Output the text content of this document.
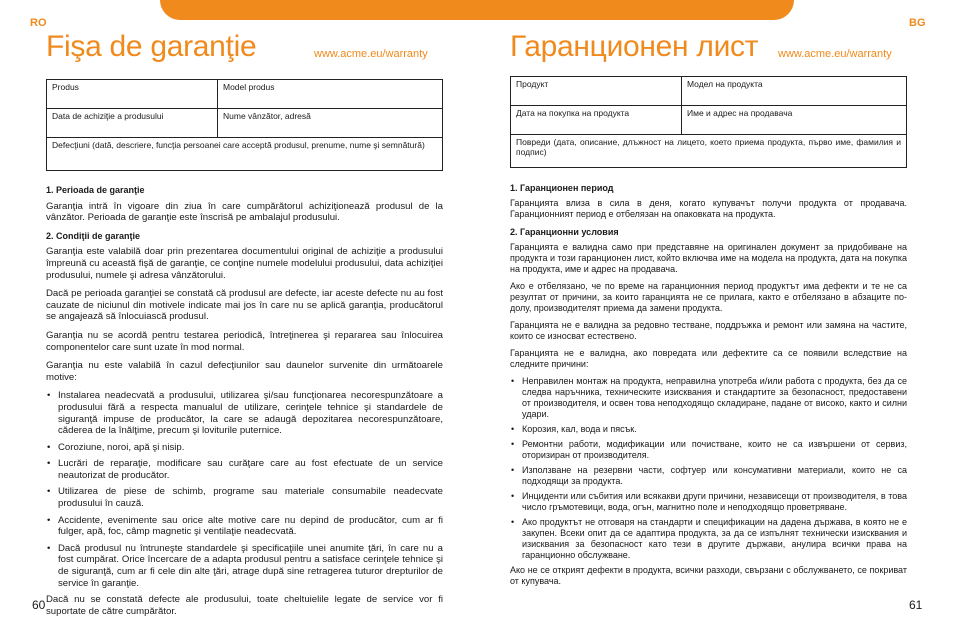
RO
Fişa de garanţie	www.acme.eu/warranty
Produs	Model produs
Data de achiziţie a produsului	Nume vânzător, adresă
Defecţiuni (dată, descriere, funcţia persoanei care acceptă produsul, prenume, nume şi semnătură)	
1. Perioada de garanţie

Garanţia intră în vigoare din ziua în care cumpărătorul achiziţionează produsul de la vânzător. Perioada de garanţie este înscrisă pe ambalajul produsului.

2. Condiţii de garanţie

Garanţia este valabilă doar prin prezentarea documentului original de achiziţie a produsului împreună cu această fişă de garanţie, ce conţine numele modelului produsului, data achiziţiei produsului, numele şi adresa vânzătorului.

Dacă pe perioada garanţiei se constată că produsul are defecte, iar aceste defecte nu au fost cauzate de niciunul din motivele indicate mai jos în care nu se aplică garanţia, producătorul se angajează să înlocuiască produsul.

Garanţia nu se acordă pentru testarea periodică, întreţinerea şi repararea sau înlocuirea componentelor care sunt uzate în mod normal.

Garanţia nu este valabilă în cazul defecţiunilor sau daunelor survenite din următoarele motive:

• Instalarea neadecvată a produsului, utilizarea şi/sau funcţionarea necorespunzătoare a produsului fără a respecta manualul de utilizare, cerinţele tehnice şi standardele de siguranţă impuse de producător, la care se adaugă depozitarea necorespunzătoare, căderea de la înălţime, precum şi loviturile puternice.
• Coroziune, noroi, apă şi nisip.
• Lucrări de reparaţie, modificare sau curăţare care au fost efectuate de un service neautorizat de producător.
• Utilizarea de piese de schimb, programe sau materiale consumabile neadecvate produsului în cauză.
• Accidente, evenimente sau orice alte motive care nu depind de producător, cum ar fi fulger, apă, foc, câmp magnetic şi ventilaţie neadecvată.
• Dacă produsul nu întruneşte standardele şi specificaţiile unei anumite ţări, în care nu a fost cumpărat. Orice încercare de a adapta produsul pentru a satisface cerinţele tehnice şi de siguranţă, cum ar fi cele din alte ţări, atrage după sine retragerea tuturor drepturilor de service în garanţie.

Dacă nu se constată defecte ale produsului, toate cheltuielile legate de service vor fi suportate de către cumpărător.

60
BG
Гаранционен лист www.acme.eu/warranty
Продукт	Модел на продукта
Дата на покупка на продукта	Име и адрес на продавача
Повреди (дата, описание, длъжност на лицето, което приема продукта, първо име, фамилия и подпис)	
1. Гаранционен период

Гаранцията влиза в сила в деня, когато купувачът получи продукта от продавача. Гаранционният период е отбелязан на опаковката на продукта.

2. Гаранционни условия

Гаранцията е валидна само при представяне на оригинален документ за придобиване на продукта и този гаранционен лист, който включва име на модела на продукта, дата на покупка на продукта, име и адрес на продавача.

Ако е отбелязано, че по време на гаранционния период продуктът има дефекти и те не са резултат от причини, за които гаранцията не се прилага, както е отбелязано в абзаците по-долу, производителят приема да замени продукта.

Гаранцията не е валидна за редовно тестване, поддръжка и ремонт или замяна на частите, които се износват естествено.

Гаранцията не е валидна, ако повредата или дефектите са се появили вследствие на следните причини:

• Неправилен монтаж на продукта, неправилна употреба и/или работа с продукта, без да се следва наръчника, техническите изисквания и стандартите за безопасност, предоставени от производителя, и освен това неподходящо складиране, падане от високо, както и силни удари.
• Корозия, кал, вода и пясък.
• Ремонтни работи, модификации или почистване, които не са извършени от сервиз, оторизиран от производителя.
• Използване на резервни части, софтуер или консумативни материали, които не са подходящи за продукта.
• Инциденти или събития или всякакви други причини, независещи от производителя, в това число гръмотевици, вода, огън, магнитно поле и неподходящо проветряване.
• Ако продуктът не отговаря на стандарти и спецификации на дадена държава, в която не е закупен. Всеки опит да се адаптира продукта, за да се изпълнят технически изисквания и изисквания за безопасност като тези в другите държави, анулира всички права на гаранционно обслужване.

Ако не се открият дефекти в продукта, всички разходи, свързани с обслужването, се покриват от купувача.

61
